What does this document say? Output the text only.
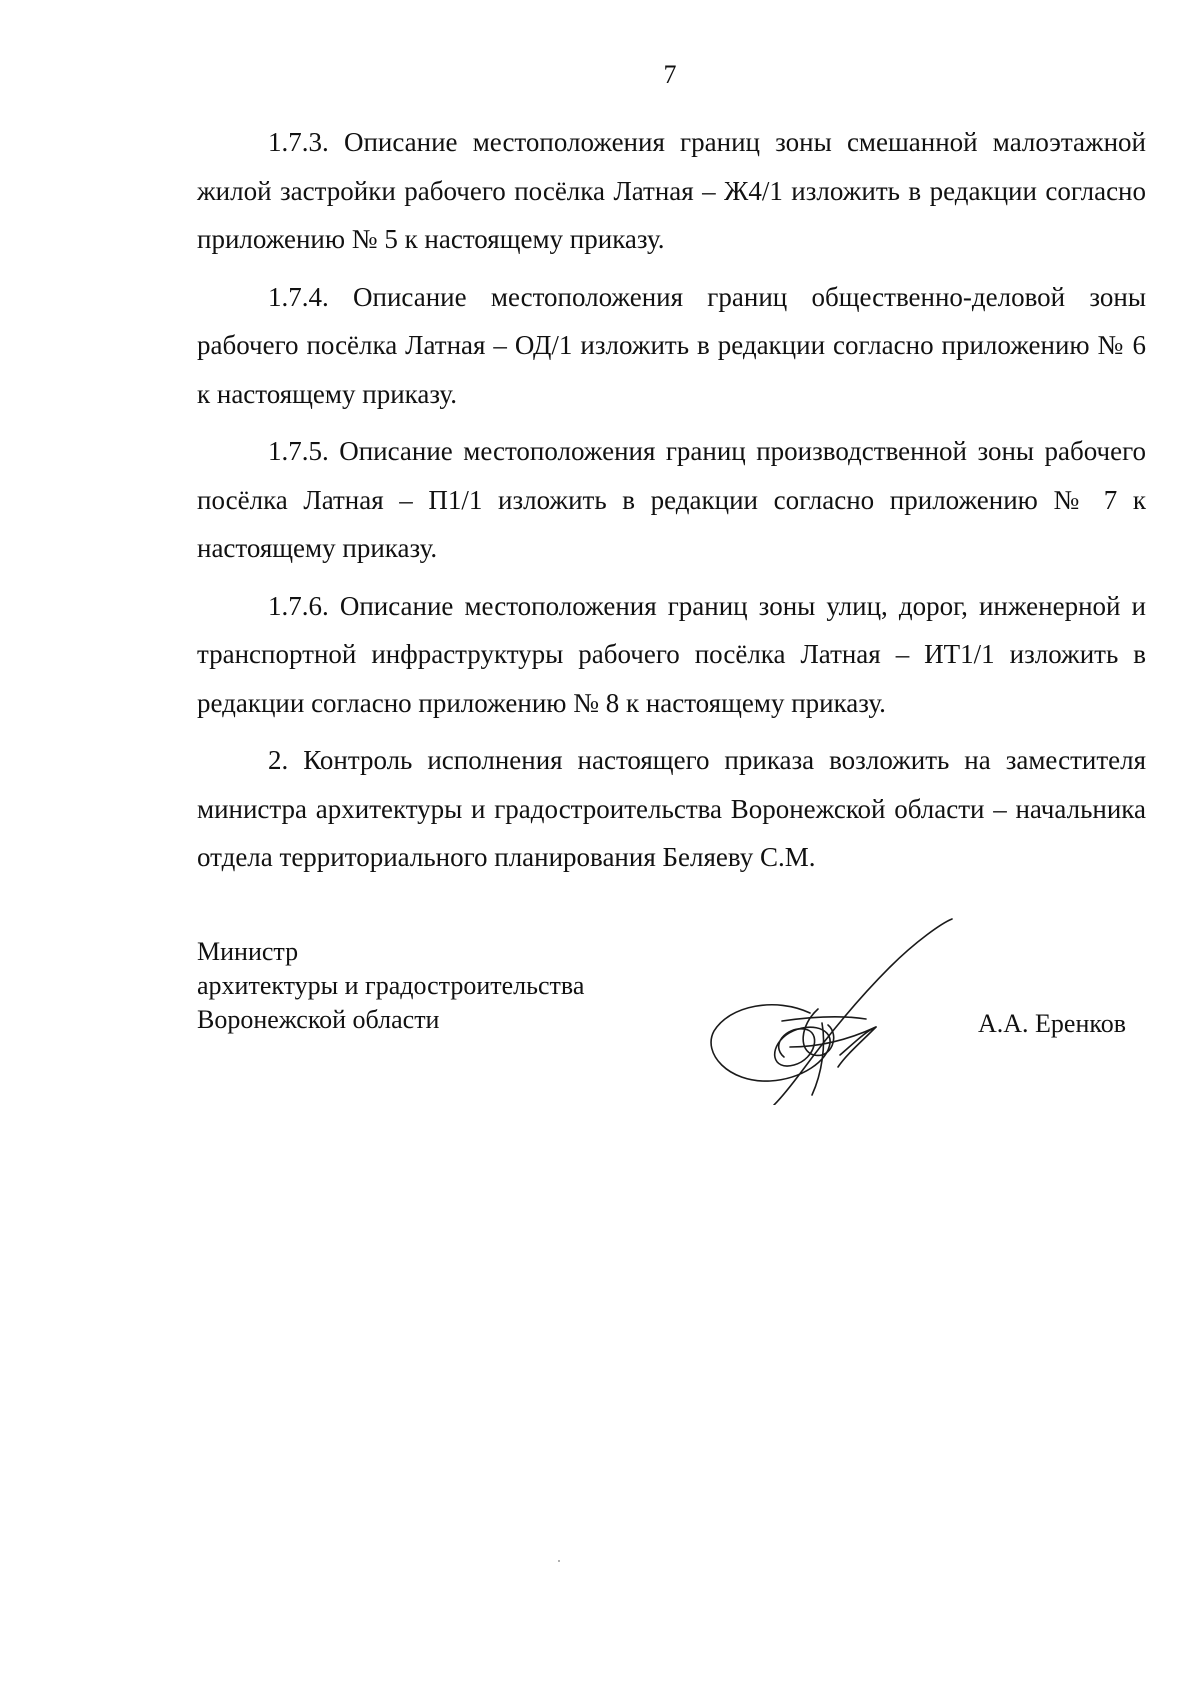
7

1.7.3. Описание местоположения границ зоны смешанной малоэтажной жилой застройки рабочего посёлка Латная – Ж4/1 изложить в редакции согласно приложению № 5 к настоящему приказу.

1.7.4. Описание местоположения границ общественно-деловой зоны рабочего посёлка Латная – ОД/1 изложить в редакции согласно приложению № 6 к настоящему приказу.

1.7.5. Описание местоположения границ производственной зоны рабочего посёлка Латная – П1/1 изложить в редакции согласно приложению № 7 к настоящему приказу.

1.7.6. Описание местоположения границ зоны улиц, дорог, инженерной и транспортной инфраструктуры рабочего посёлка Латная – ИТ1/1 изложить в редакции согласно приложению № 8 к настоящему приказу.

2. Контроль исполнения настоящего приказа возложить на заместителя министра архитектуры и градостроительства Воронежской области – начальника отдела территориального планирования Беляеву С.М.

Министр
архитектуры и градостроительства
Воронежской области	А.А. Еренков
